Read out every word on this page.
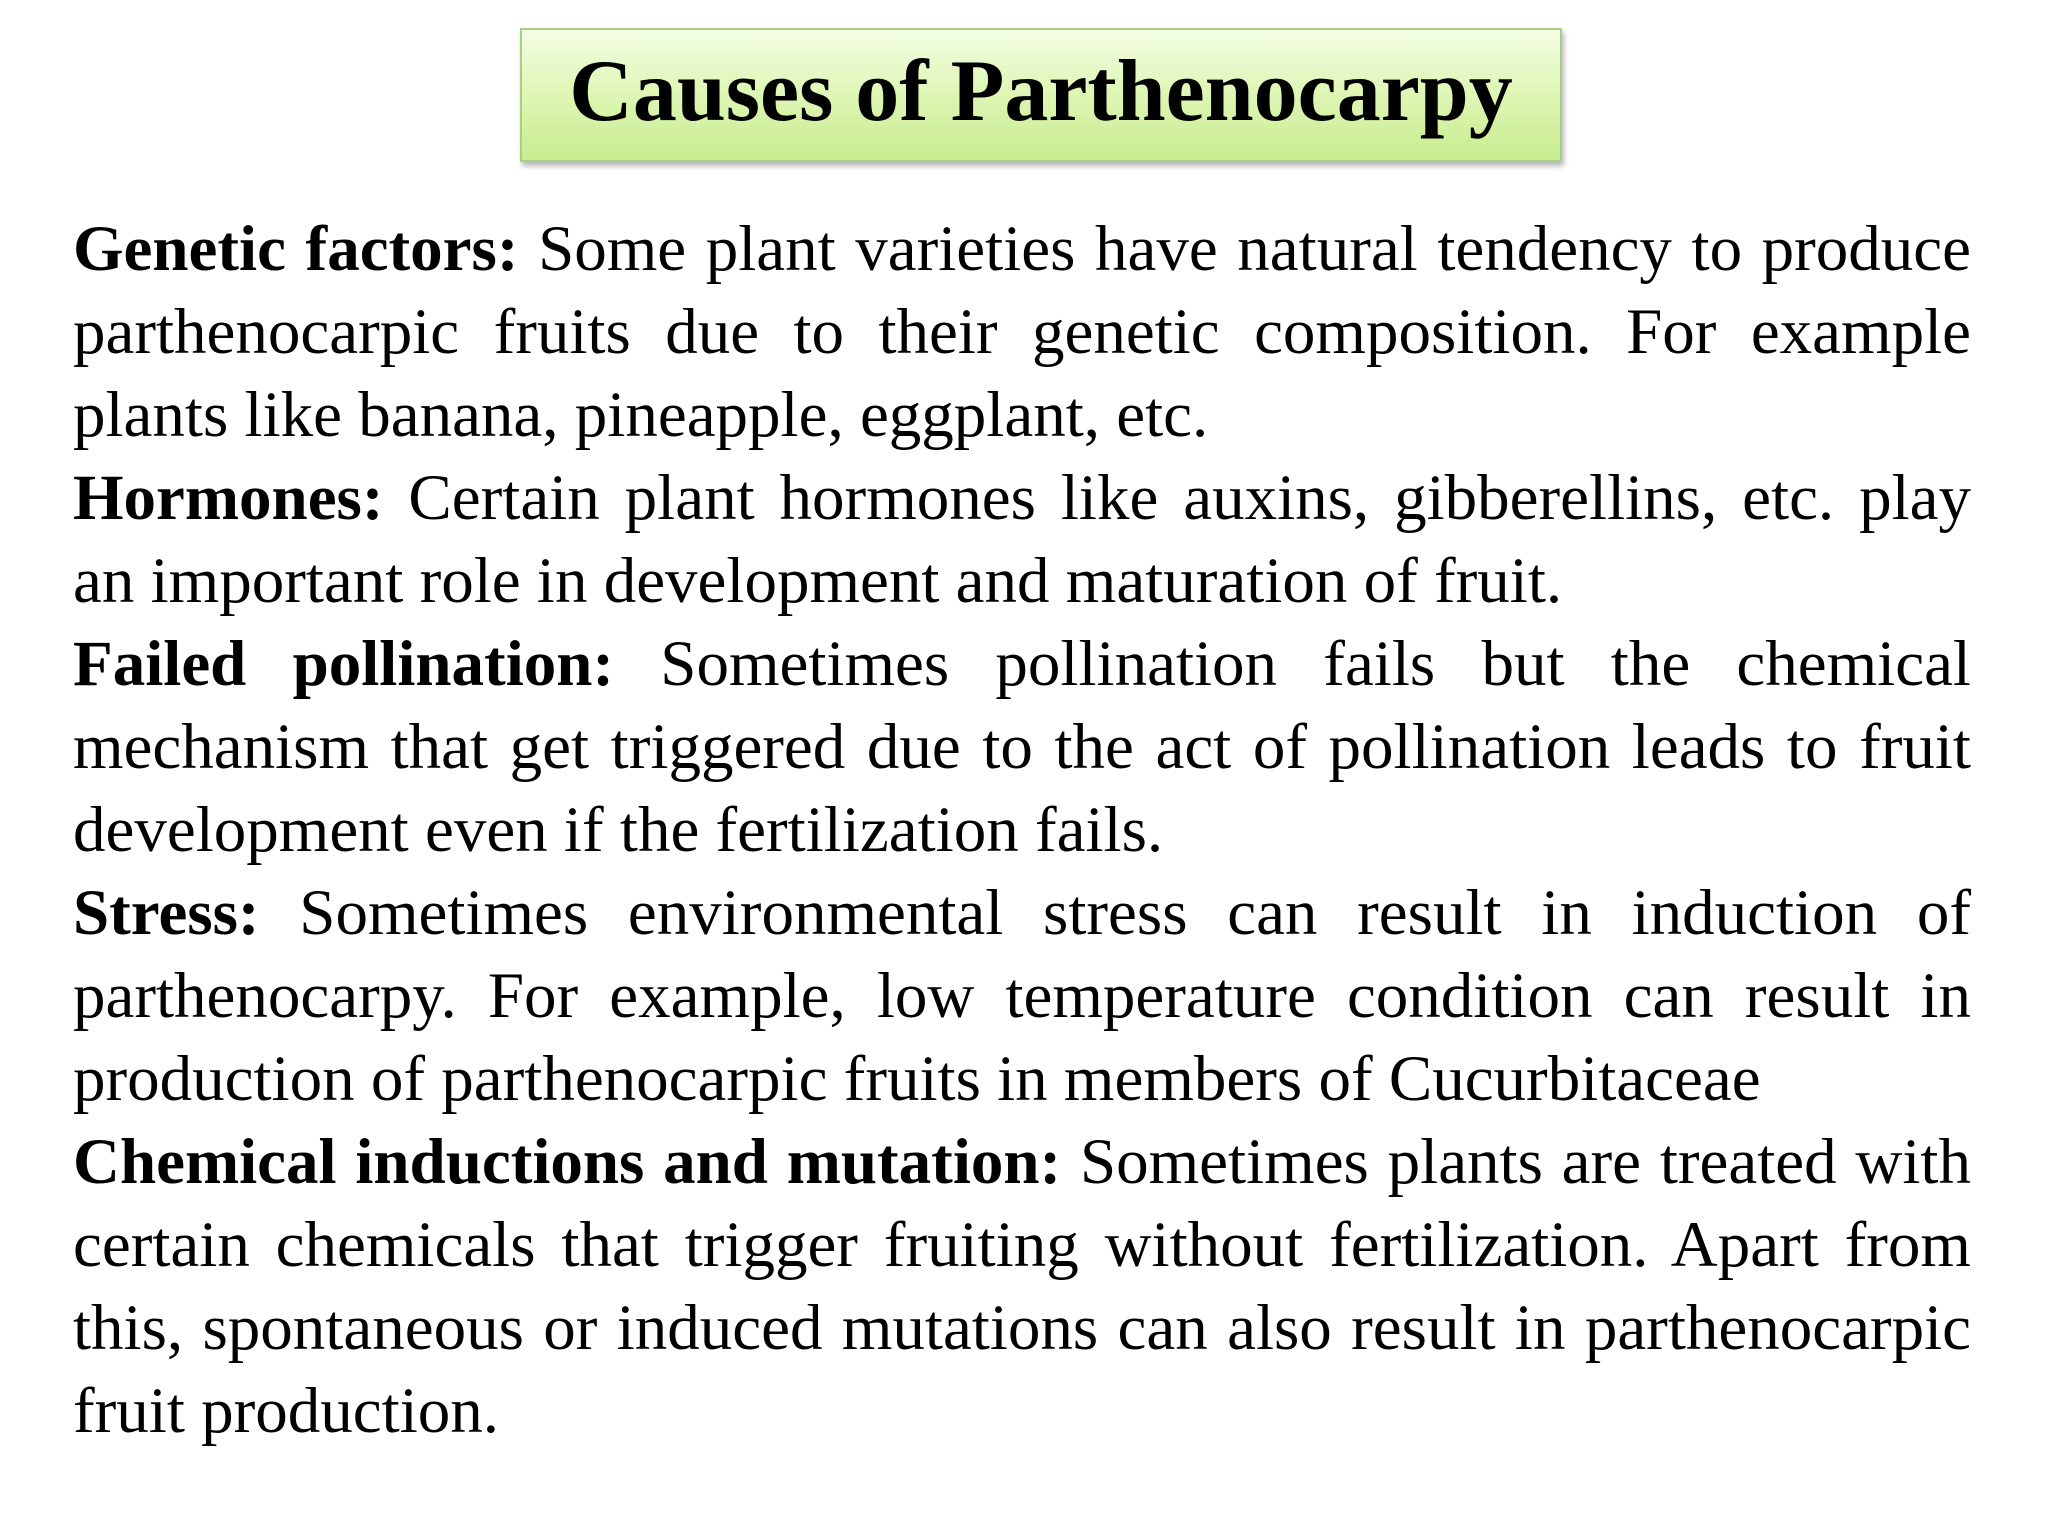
Causes of Parthenocarpy

Genetic factors: Some plant varieties have natural tendency to produce parthenocarpic fruits due to their genetic composition. For example plants like banana, pineapple, eggplant, etc.

Hormones: Certain plant hormones like auxins, gibberellins, etc. play an important role in development and maturation of fruit.

Failed pollination: Sometimes pollination fails but the chemical mechanism that get triggered due to the act of pollination leads to fruit development even if the fertilization fails.

Stress: Sometimes environmental stress can result in induction of parthenocarpy. For example, low temperature condition can result in production of parthenocarpic fruits in members of Cucurbitaceae

Chemical inductions and mutation: Sometimes plants are treated with certain chemicals that trigger fruiting without fertilization. Apart from this, spontaneous or induced mutations can also result in parthenocarpic fruit production.
